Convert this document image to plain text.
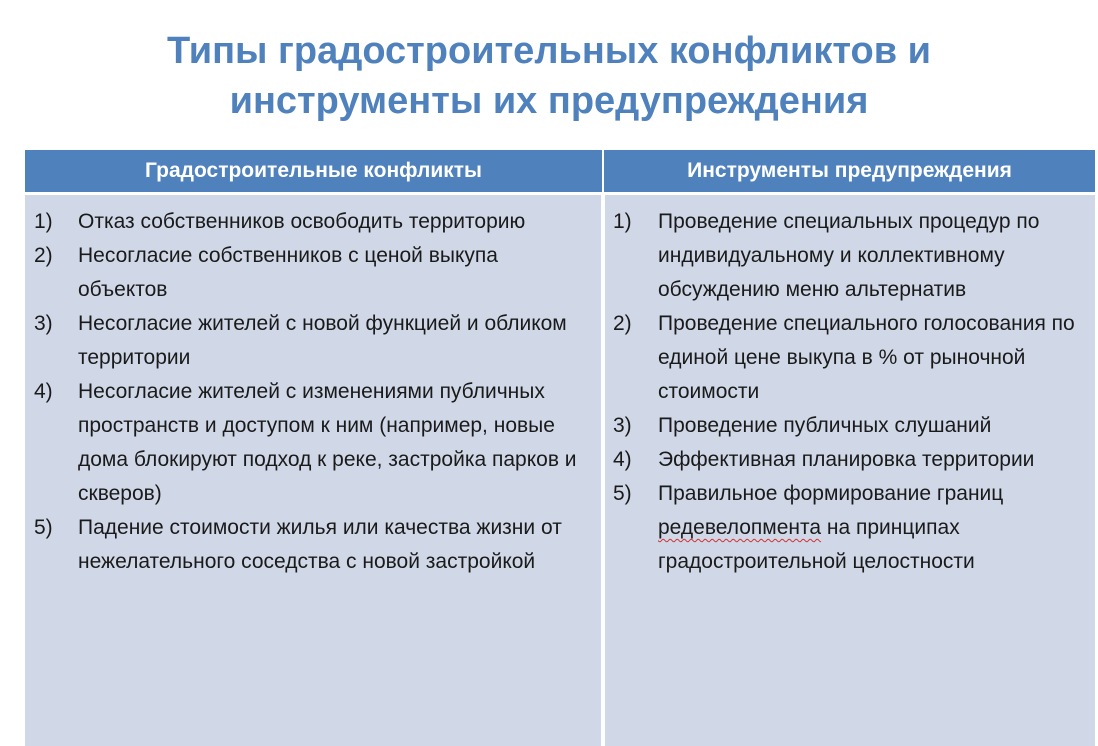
Типы градостроительных конфликтов и
инструменты их предупреждения
Градостроительные конфликты	Инструменты предупреждения
1) Отказ собственников освободить территорию
2) Несогласие собственников с ценой выкупа объектов
3) Несогласие жителей с новой функцией и обликом территории
4) Несогласие жителей с изменениями публичных пространств и доступом к ним (например, новые дома блокируют подход к реке, застройка парков и скверов)
5) Падение стоимости жилья или качества жизни от нежелательного соседства с новой застройкой
1) Проведение специальных процедур по индивидуальному и коллективному обсуждению меню альтернатив
2) Проведение специального голосования по единой цене выкупа в % от рыночной стоимости
3) Проведение публичных слушаний
4) Эффективная планировка территории
5) Правильное формирование границ редевелопмента на принципах градостроительной целостности
